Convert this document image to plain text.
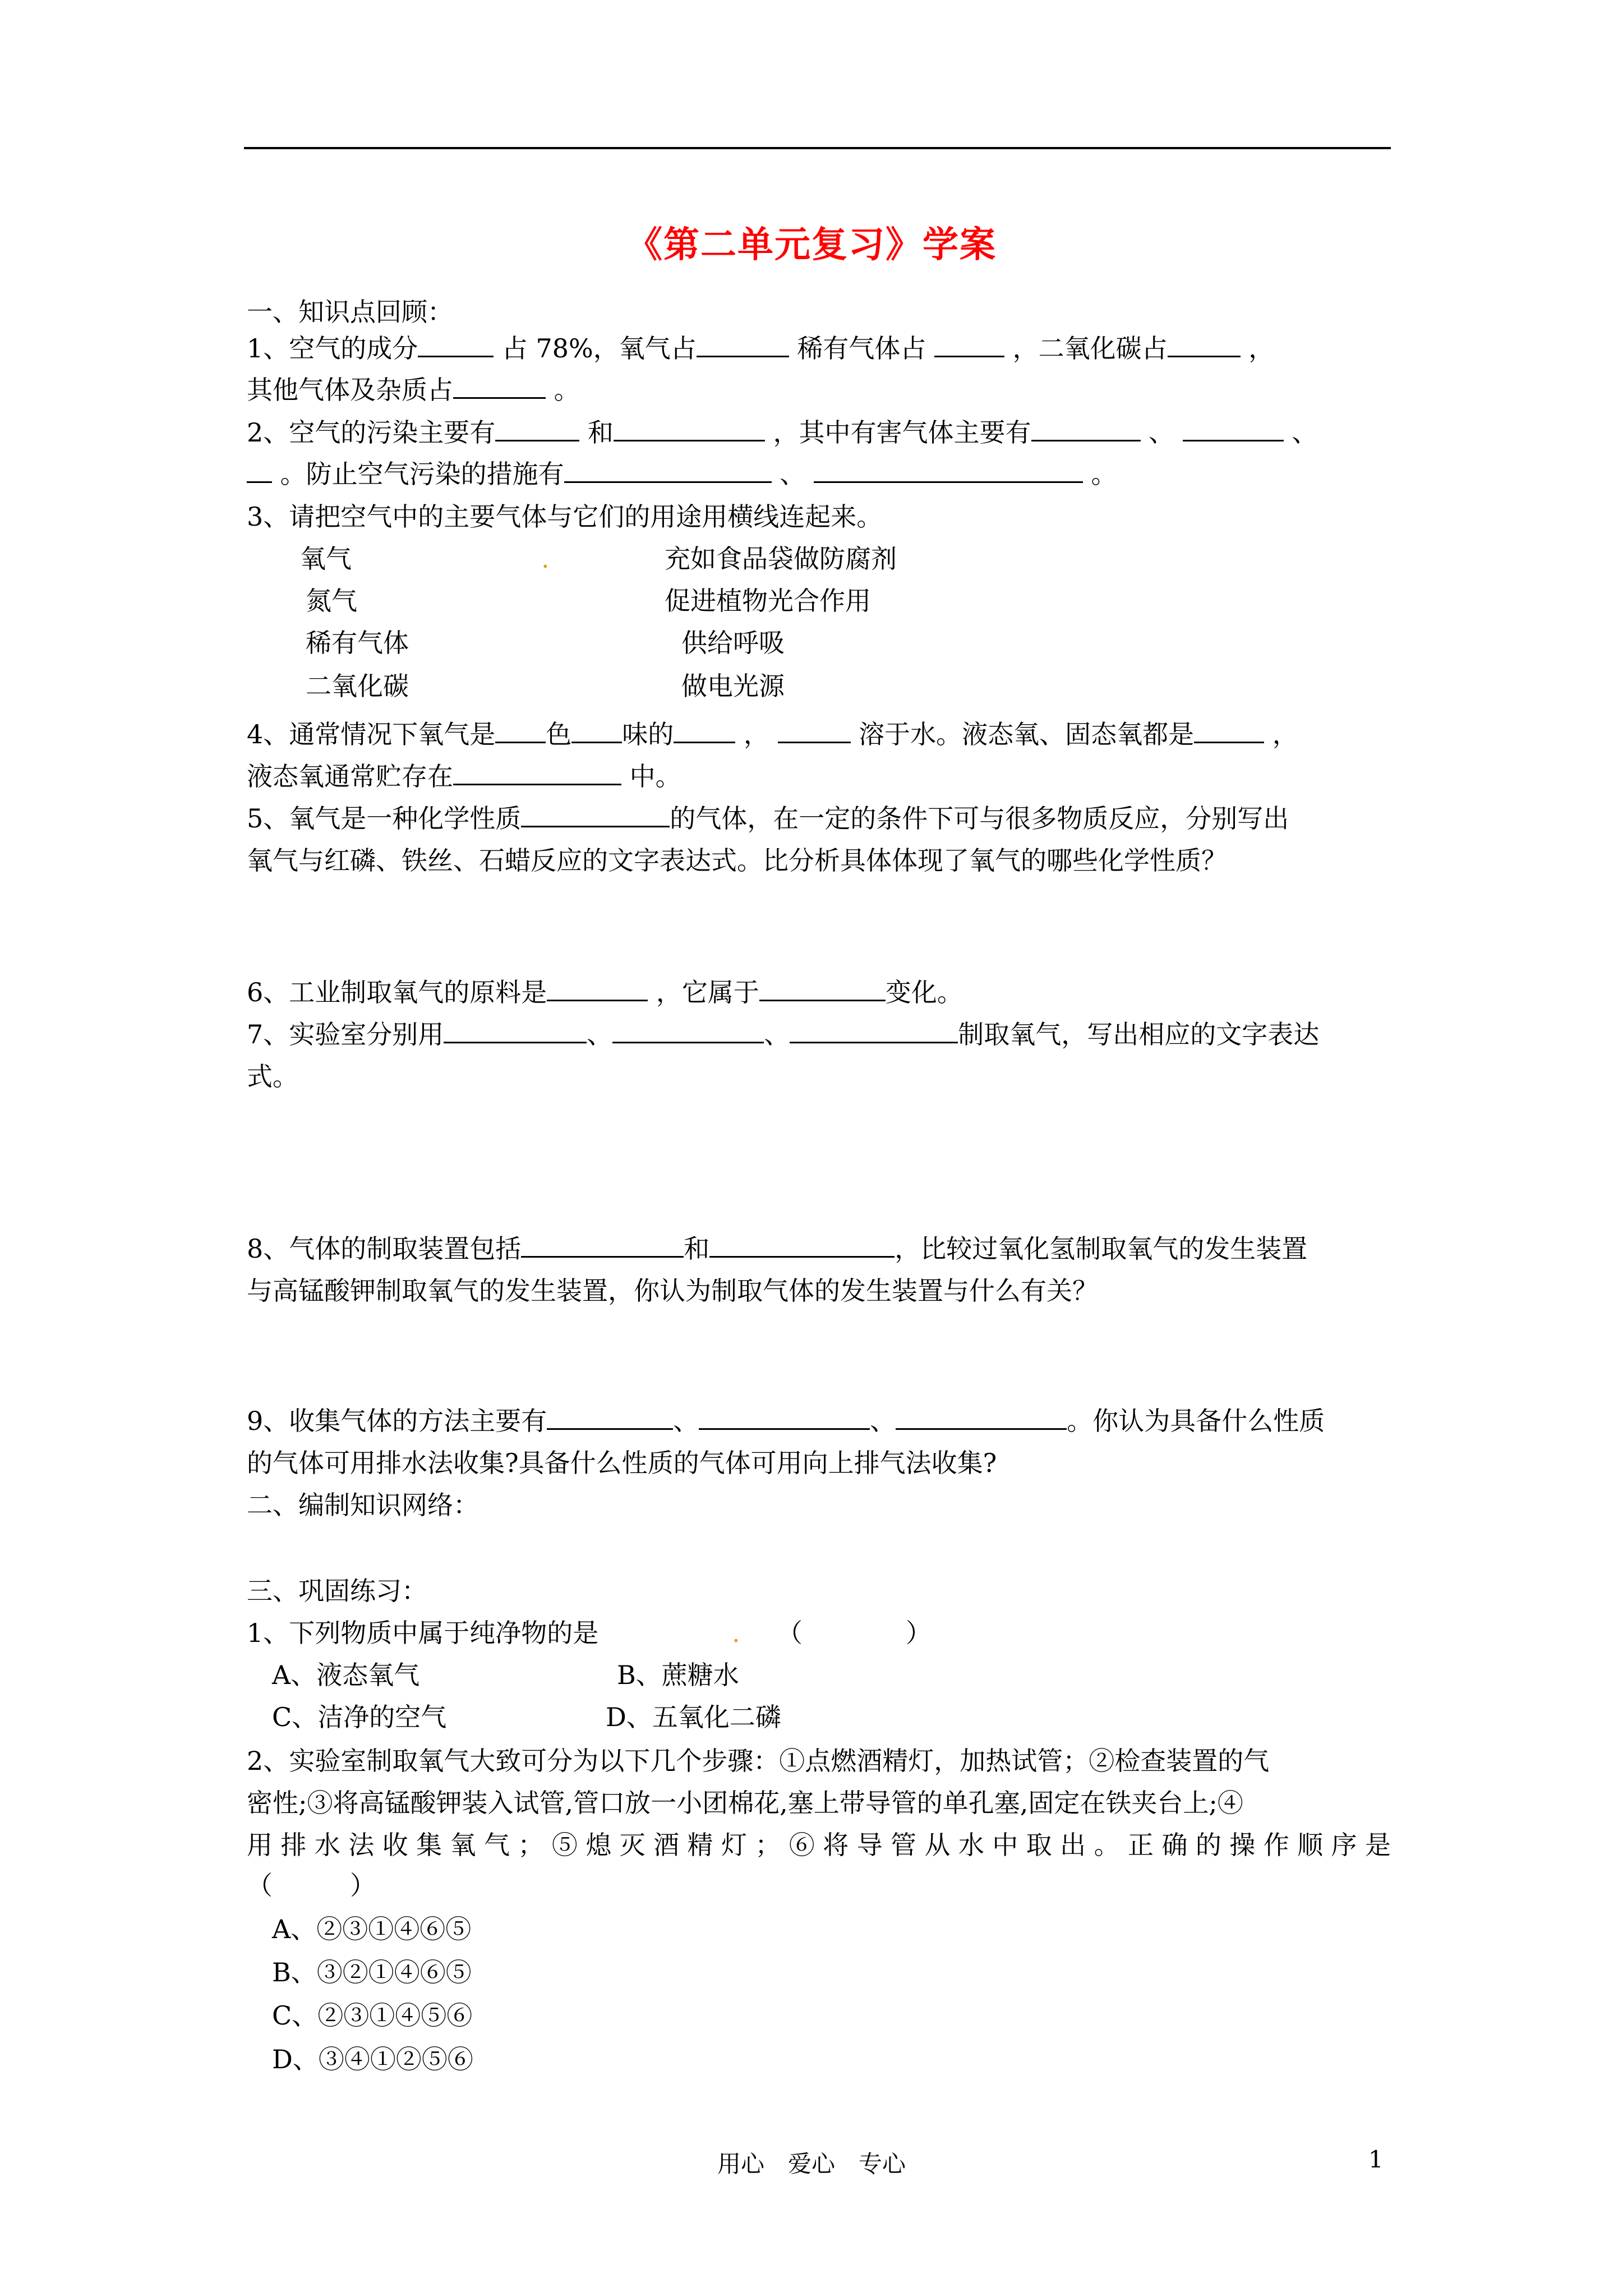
《第二单元复习》学案
一、知识点回顾：
1、空气的成分	占 78%，氧气占	稀有气体占	，二氧化碳占	，
其他气体及杂质占	。
2、空气的污染主要有	和	，其中有害气体主要有	、	、
。防止空气污染的措施有	、	。
3、请把空气中的主要气体与它们的用途用横线连起来。
氧气	.	充如食品袋做防腐剂
氮气	促进植物光合作用
稀有气体	供给呼吸
二氧化碳	做电光源
4、通常情况下氧气是 色 味的	，	溶于水。液态氧、固态氧都是	，
液态氧通常贮存在	中。
5、氧气是一种化学性质	的气体，在一定的条件下可与很多物质反应，分别写出
氧气与红磷、铁丝、石蜡反应的文字表达式。比分析具体体现了氧气的哪些化学性质？
6、工业制取氧气的原料是	，它属于	变化。
7、实验室分别用	、	、	制取氧气，写出相应的文字表达
式。
8、气体的制取装置包括	和	，比较过氧化氢制取氧气的发生装置
与高锰酸钾制取氧气的发生装置，你认为制取气体的发生装置与什么有关？
9、收集气体的方法主要有	、	、	。你认为具备什么性质
的气体可用排水法收集?具备什么性质的气体可用向上排气法收集?
二、编制知识网络：
三、巩固练习：
1、下列物质中属于纯净物的是	. （　　　　）
A、液态氧气	B、蔗糖水
C、洁净的空气	D、五氧化二磷
2、实验室制取氧气大致可分为以下几个步骤：①点燃酒精灯，加热试管；②检查装置的气
密性;③将高锰酸钾装入试管,管口放一小团棉花,塞上带导管的单孔塞,固定在铁夹台上;④
用排水法收集氧气；⑤熄灭酒精灯；⑥将导管从水中取出。正确的操作顺序是
（　　　）
A、②③①④⑥⑤
B、③②①④⑥⑤
C、②③①④⑤⑥
D、③④①②⑤⑥
用心　爱心　专心	1
